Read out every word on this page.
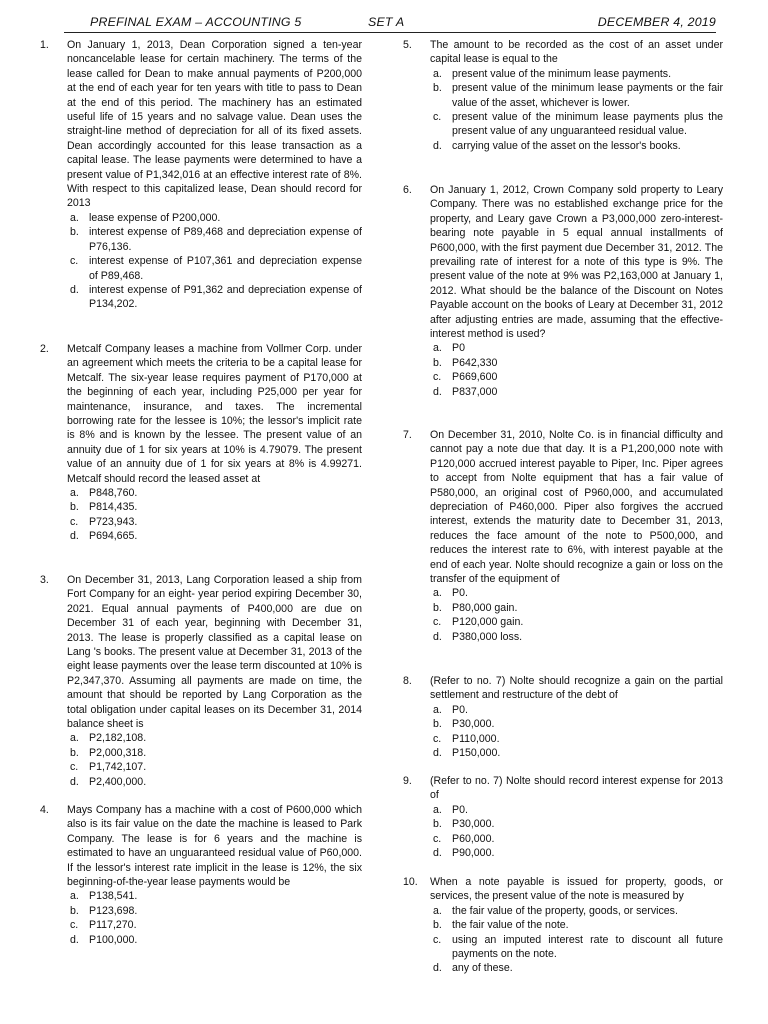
PREFINAL EXAM – ACCOUNTING 5	SET A	DECEMBER 4, 2019
1. On January 1, 2013, Dean Corporation signed a ten-year noncancelable lease for certain machinery. The terms of the lease called for Dean to make annual payments of P200,000 at the end of each year for ten years with title to pass to Dean at the end of this period. The machinery has an estimated useful life of 15 years and no salvage value. Dean uses the straight-line method of depreciation for all of its fixed assets. Dean accordingly accounted for this lease transaction as a capital lease. The lease payments were determined to have a present value of P1,342,016 at an effective interest rate of 8%. With respect to this capitalized lease, Dean should record for 2013

a. lease expense of P200,000.
b. interest expense of P89,468 and depreciation expense of P76,136.
c. interest expense of P107,361 and depreciation expense of P89,468.
d. interest expense of P91,362 and depreciation expense of P134,202.
2. Metcalf Company leases a machine from Vollmer Corp. under an agreement which meets the criteria to be a capital lease for Metcalf. The six-year lease requires payment of P170,000 at the beginning of each year, including P25,000 per year for maintenance, insurance, and taxes. The incremental borrowing rate for the lessee is 10%; the lessor's implicit rate is 8% and is known by the lessee. The present value of an annuity due of 1 for six years at 10% is 4.79079. The present value of an annuity due of 1 for six years at 8% is 4.99271. Metcalf should record the leased asset at

a. P848,760.
b. P814,435.
c. P723,943.
d. P694,665.
3. On December 31, 2013, Lang Corporation leased a ship from Fort Company for an eight- year period expiring December 30, 2021. Equal annual payments of P400,000 are due on December 31 of each year, beginning with December 31, 2013. The lease is properly classified as a capital lease on Lang 's books. The present value at December 31, 2013 of the eight lease payments over the lease term discounted at 10% is P2,347,370. Assuming all payments are made on time, the amount that should be reported by Lang Corporation as the total obligation under capital leases on its December 31, 2014 balance sheet is

a. P2,182,108.
b. P2,000,318.
c. P1,742,107.
d. P2,400,000.
4. Mays Company has a machine with a cost of P600,000 which also is its fair value on the date the machine is leased to Park Company. The lease is for 6 years and the machine is estimated to have an unguaranteed residual value of P60,000. If the lessor's interest rate implicit in the lease is 12%, the six beginning-of-the-year lease payments would be

a. P138,541.
b. P123,698.
c. P117,270.
d. P100,000.
5. The amount to be recorded as the cost of an asset under capital lease is equal to the

a. present value of the minimum lease payments.
b. present value of the minimum lease payments or the fair value of the asset, whichever is lower.
c. present value of the minimum lease payments plus the present value of any unguaranteed residual value.
d. carrying value of the asset on the lessor's books.
6. On January 1, 2012, Crown Company sold property to Leary Company. There was no established exchange price for the property, and Leary gave Crown a P3,000,000 zero-interest-bearing note payable in 5 equal annual installments of P600,000, with the first payment due December 31, 2012. The prevailing rate of interest for a note of this type is 9%. The present value of the note at 9% was P2,163,000 at January 1, 2012. What should be the balance of the Discount on Notes Payable account on the books of Leary at December 31, 2012 after adjusting entries are made, assuming that the effective-interest method is used?

a. P0
b. P642,330
c. P669,600
d. P837,000
7. On December 31, 2010, Nolte Co. is in financial difficulty and cannot pay a note due that day. It is a P1,200,000 note with P120,000 accrued interest payable to Piper, Inc. Piper agrees to accept from Nolte equipment that has a fair value of P580,000, an original cost of P960,000, and accumulated depreciation of P460,000. Piper also forgives the accrued interest, extends the maturity date to December 31, 2013, reduces the face amount of the note to P500,000, and reduces the interest rate to 6%, with interest payable at the end of each year. Nolte should recognize a gain or loss on the transfer of the equipment of

a. P0.
b. P80,000 gain.
c. P120,000 gain.
d. P380,000 loss.
8. (Refer to no. 7) Nolte should recognize a gain on the partial settlement and restructure of the debt of

a. P0.
b. P30,000.
c. P110,000.
d. P150,000.
9. (Refer to no. 7) Nolte should record interest expense for 2013 of

a. P0.
b. P30,000.
c. P60,000.
d. P90,000.
10. When a note payable is issued for property, goods, or services, the present value of the note is measured by

a. the fair value of the property, goods, or services.
b. the fair value of the note.
c. using an imputed interest rate to discount all future payments on the note.
d. any of these.
